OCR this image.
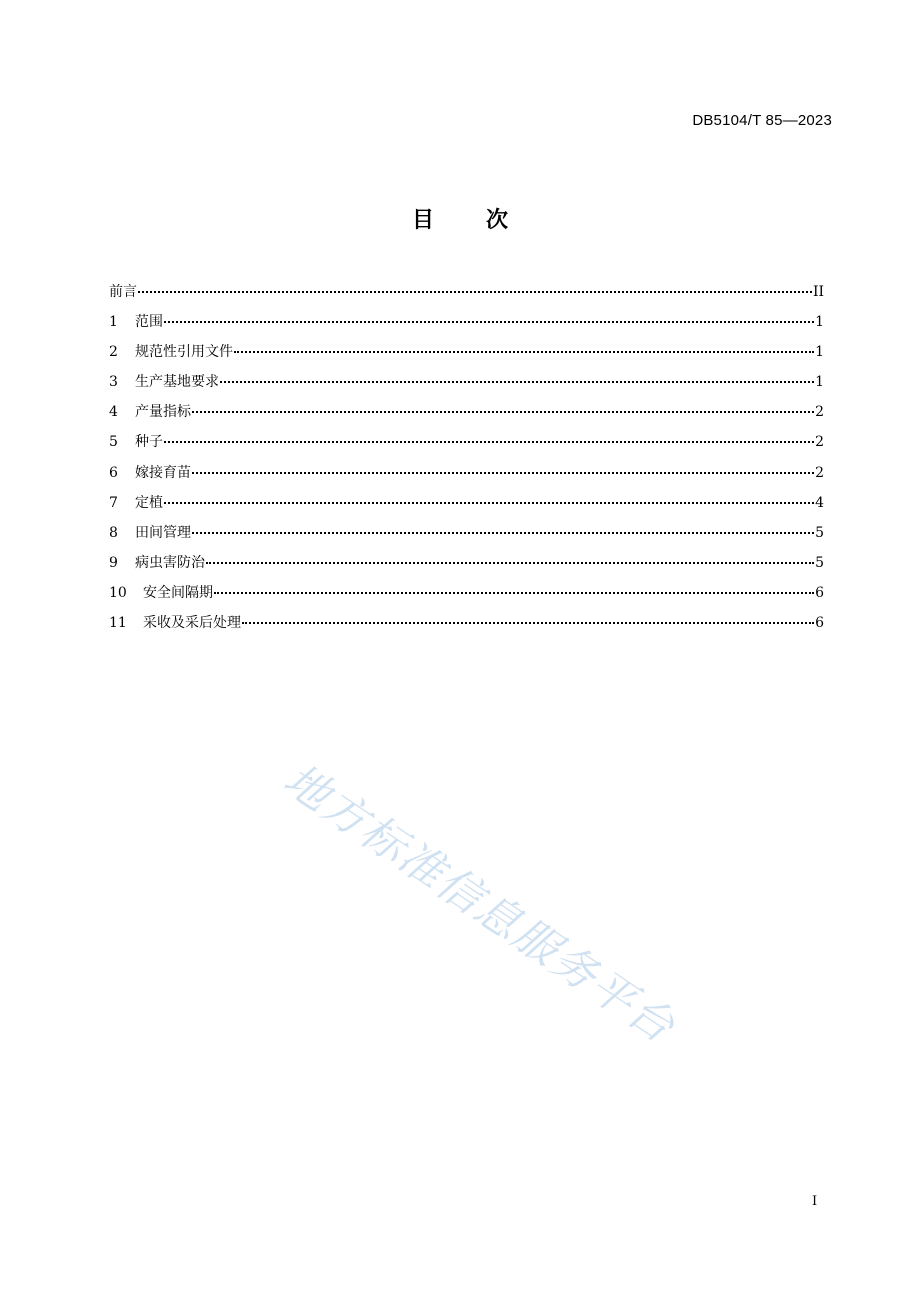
DB5104/T 85—2023
目 次
前言	II
1	范围	1
2	规范性引用文件	1
3	生产基地要求	1
4	产量指标	2
5	种子	2
6	嫁接育苗	2
7	定植	4
8	田间管理	5
9	病虫害防治	5
10	安全间隔期	6
11	采收及采后处理	6
地方标准信息服务平台
I
